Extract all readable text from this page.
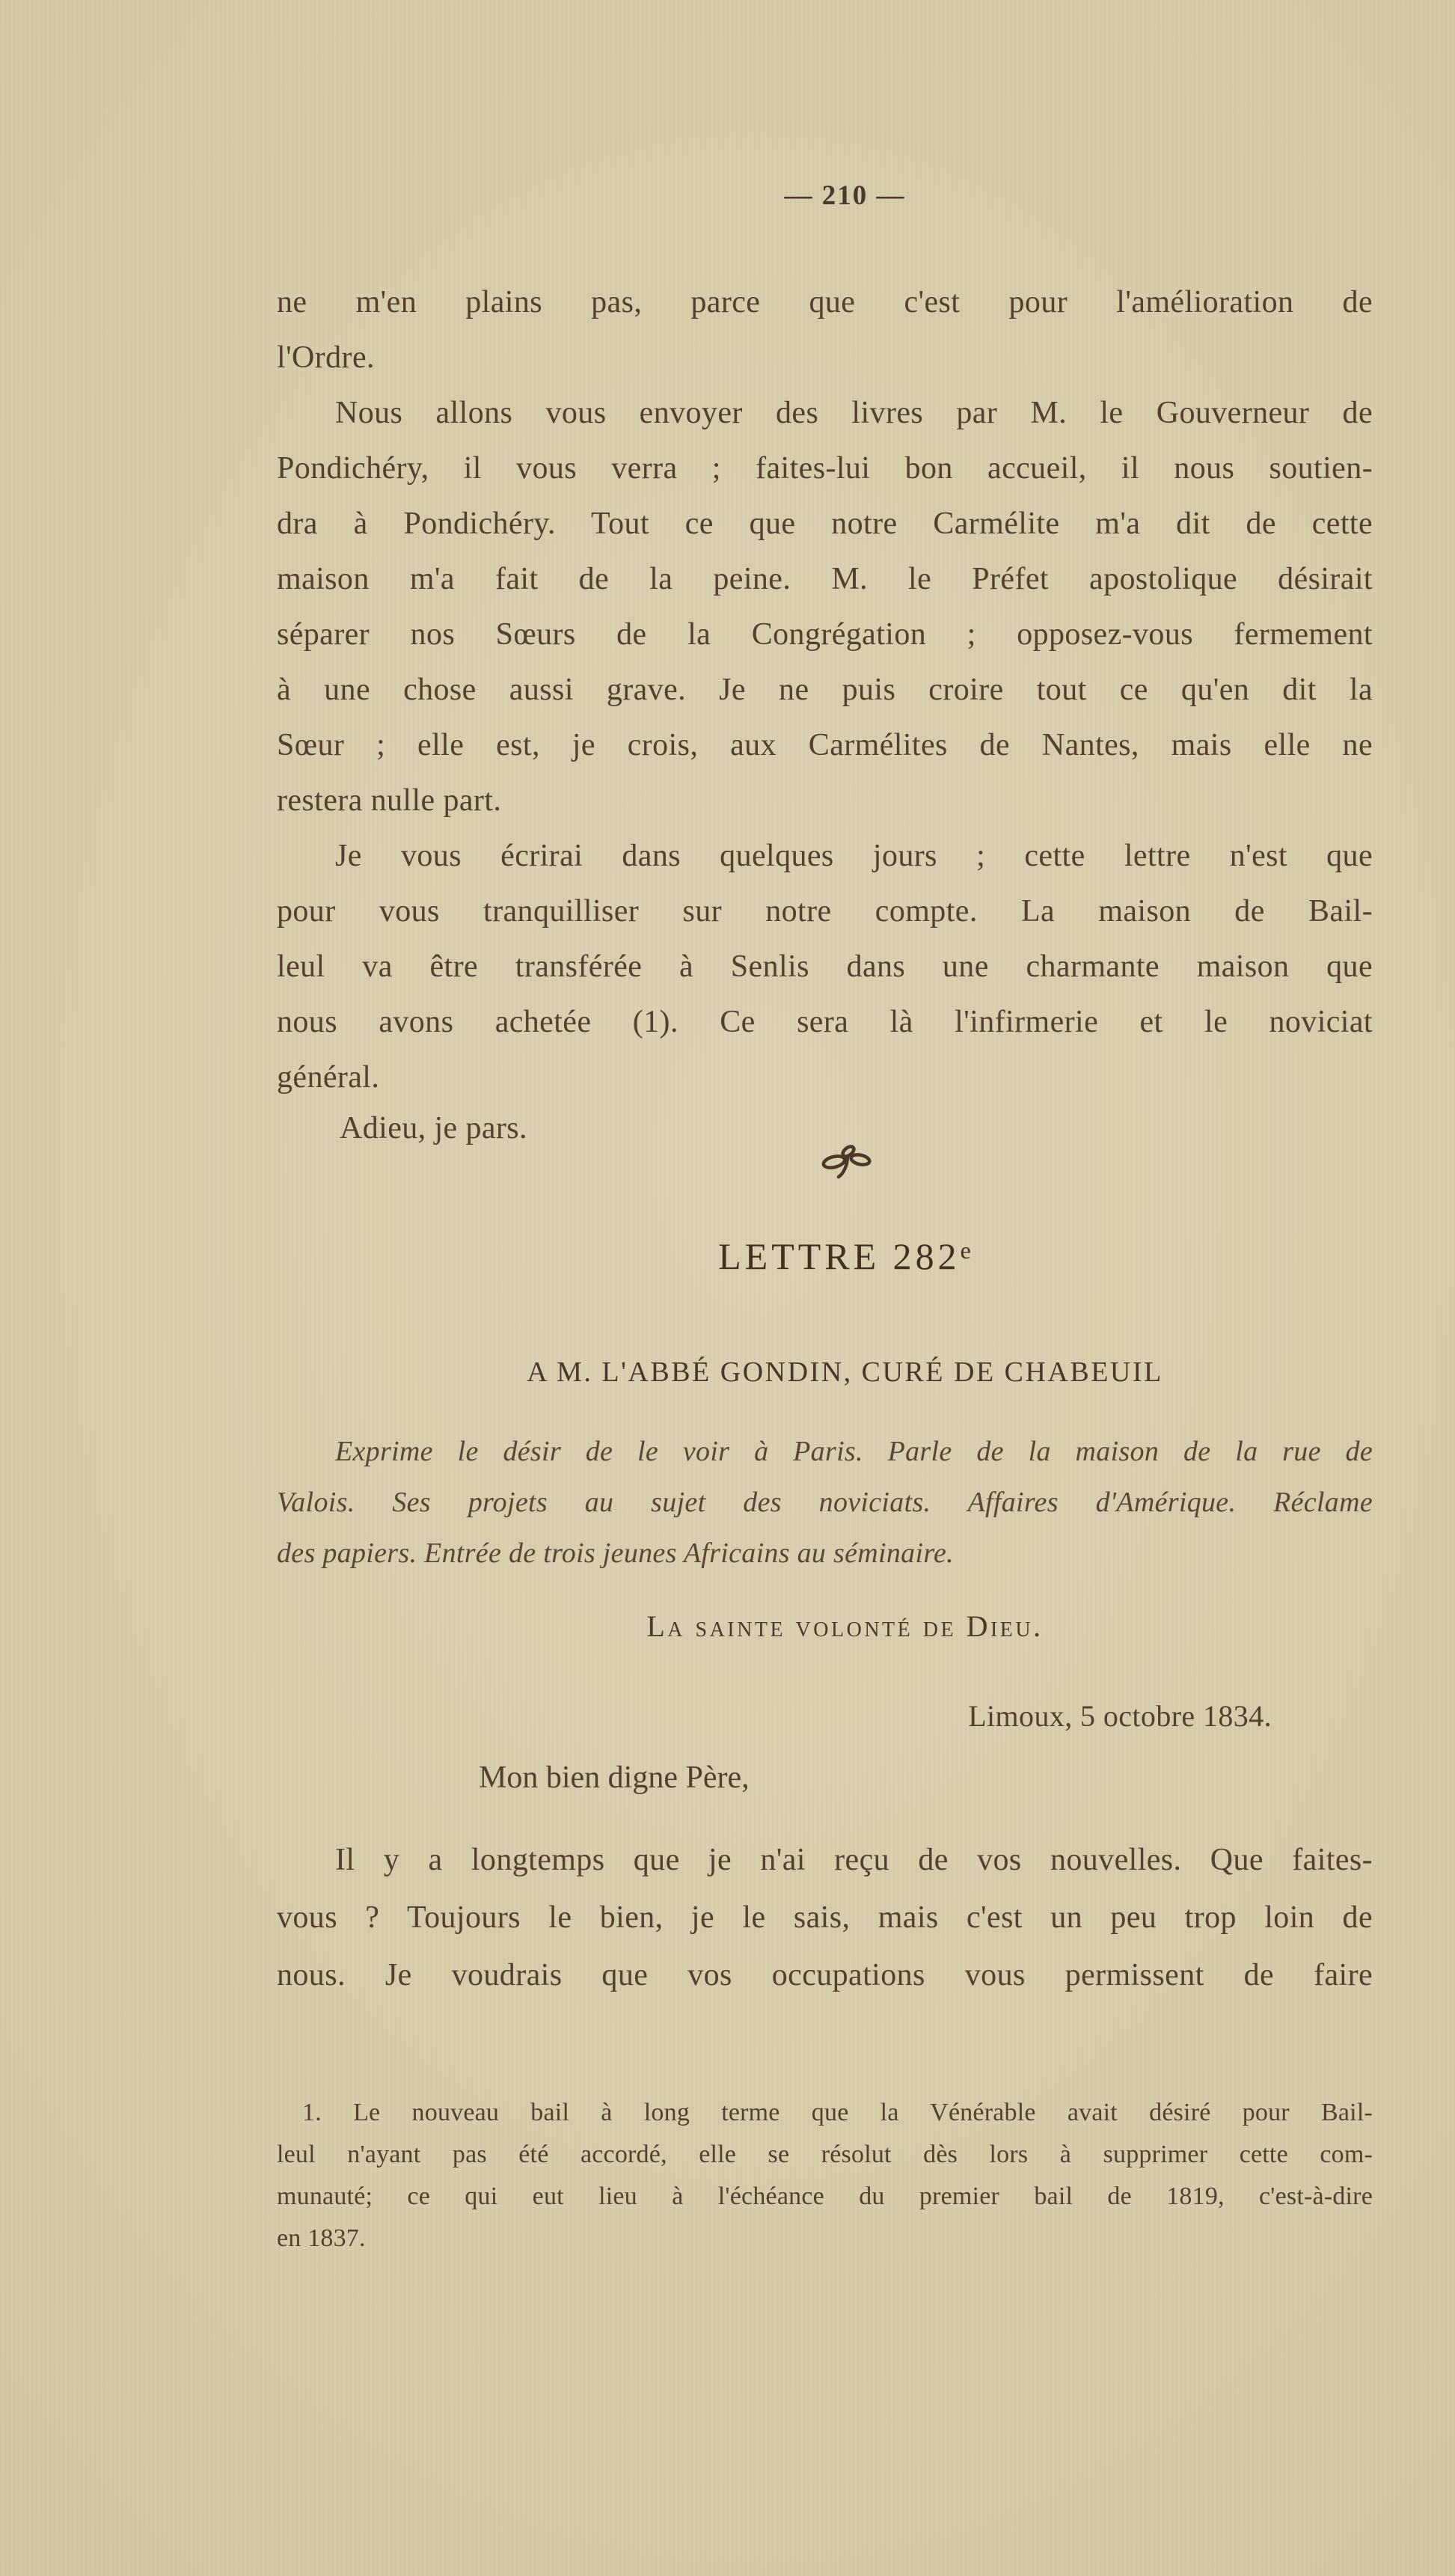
— 210 —
ne m'en plains pas, parce que c'est pour l'amélioration de
l'Ordre.
Nous allons vous envoyer des livres par M. le Gouverneur de
Pondichéry, il vous verra ; faites-lui bon accueil, il nous soutien-
dra à Pondichéry. Tout ce que notre Carmélite m'a dit de cette
maison m'a fait de la peine. M. le Préfet apostolique désirait
séparer nos Sœurs de la Congrégation ; opposez-vous fermement
à une chose aussi grave. Je ne puis croire tout ce qu'en dit la
Sœur ; elle est, je crois, aux Carmélites de Nantes, mais elle ne
restera nulle part.
Je vous écrirai dans quelques jours ; cette lettre n'est que
pour vous tranquilliser sur notre compte. La maison de Bail-
leul va être transférée à Senlis dans une charmante maison que
nous avons achetée (1). Ce sera là l'infirmerie et le noviciat
général.
Adieu, je pars.
LETTRE 282e
A M. L'ABBÉ GONDIN, CURÉ DE CHABEUIL
Exprime le désir de le voir à Paris. Parle de la maison de la rue de
Valois. Ses projets au sujet des noviciats. Affaires d'Amérique. Réclame
des papiers. Entrée de trois jeunes Africains au séminaire.
La sainte volonté de Dieu.
Limoux, 5 octobre 1834.
Mon bien digne Père,
Il y a longtemps que je n'ai reçu de vos nouvelles. Que faites-
vous ? Toujours le bien, je le sais, mais c'est un peu trop loin de
nous. Je voudrais que vos occupations vous permissent de faire
1. Le nouveau bail à long terme que la Vénérable avait désiré pour Bail-
leul n'ayant pas été accordé, elle se résolut dès lors à supprimer cette com-
munauté; ce qui eut lieu à l'échéance du premier bail de 1819, c'est-à-dire
en 1837.
